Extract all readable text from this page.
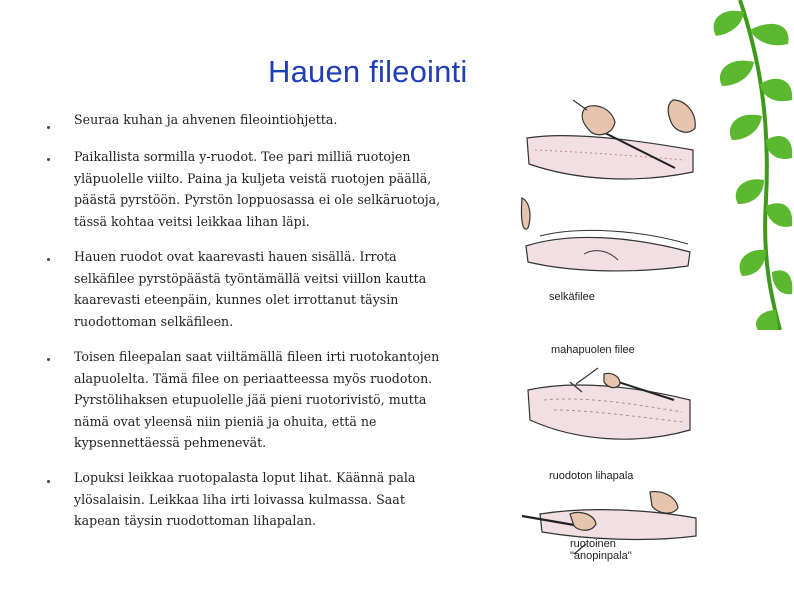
Hauen fileointi

Seuraa kuhan ja ahvenen fileointiohjetta.

Paikallista sormilla y-ruodot. Tee pari milliä ruotojen yläpuolelle viilto. Paina ja kuljeta veistä ruotojen päällä, päästä pyrstöön. Pyrstön loppuosassa ei ole selkäruotoja, tässä kohtaa veitsi leikkaa lihan läpi.

Hauen ruodot ovat kaarevasti hauen sisällä. Irrota selkäfilee pyrstöpäästä työntämällä veitsi viillon kautta kaarevasti eteenpäin, kunnes olet irrottanut täysin ruodottoman selkäfileen.

Toisen fileepalan saat viiltämällä fileen irti ruotokantojen alapuolelta. Tämä filee on periaatteessa myös ruodoton. Pyrstölihaksen etupuolelle jää pieni ruotorivistö, mutta nämä ovat yleensä niin pieniä ja ohuita, että ne kypsennettäessä pehmenevät.

Lopuksi leikkaa ruotopalasta loput lihat. Käännä pala ylösalaisin. Leikkaa liha irti loivassa kulmassa. Saat kapean täysin ruodottoman lihapalan.

selkäfilee
mahapuolen filee
ruodoton lihapala
ruotoinen
"anopinpala"
